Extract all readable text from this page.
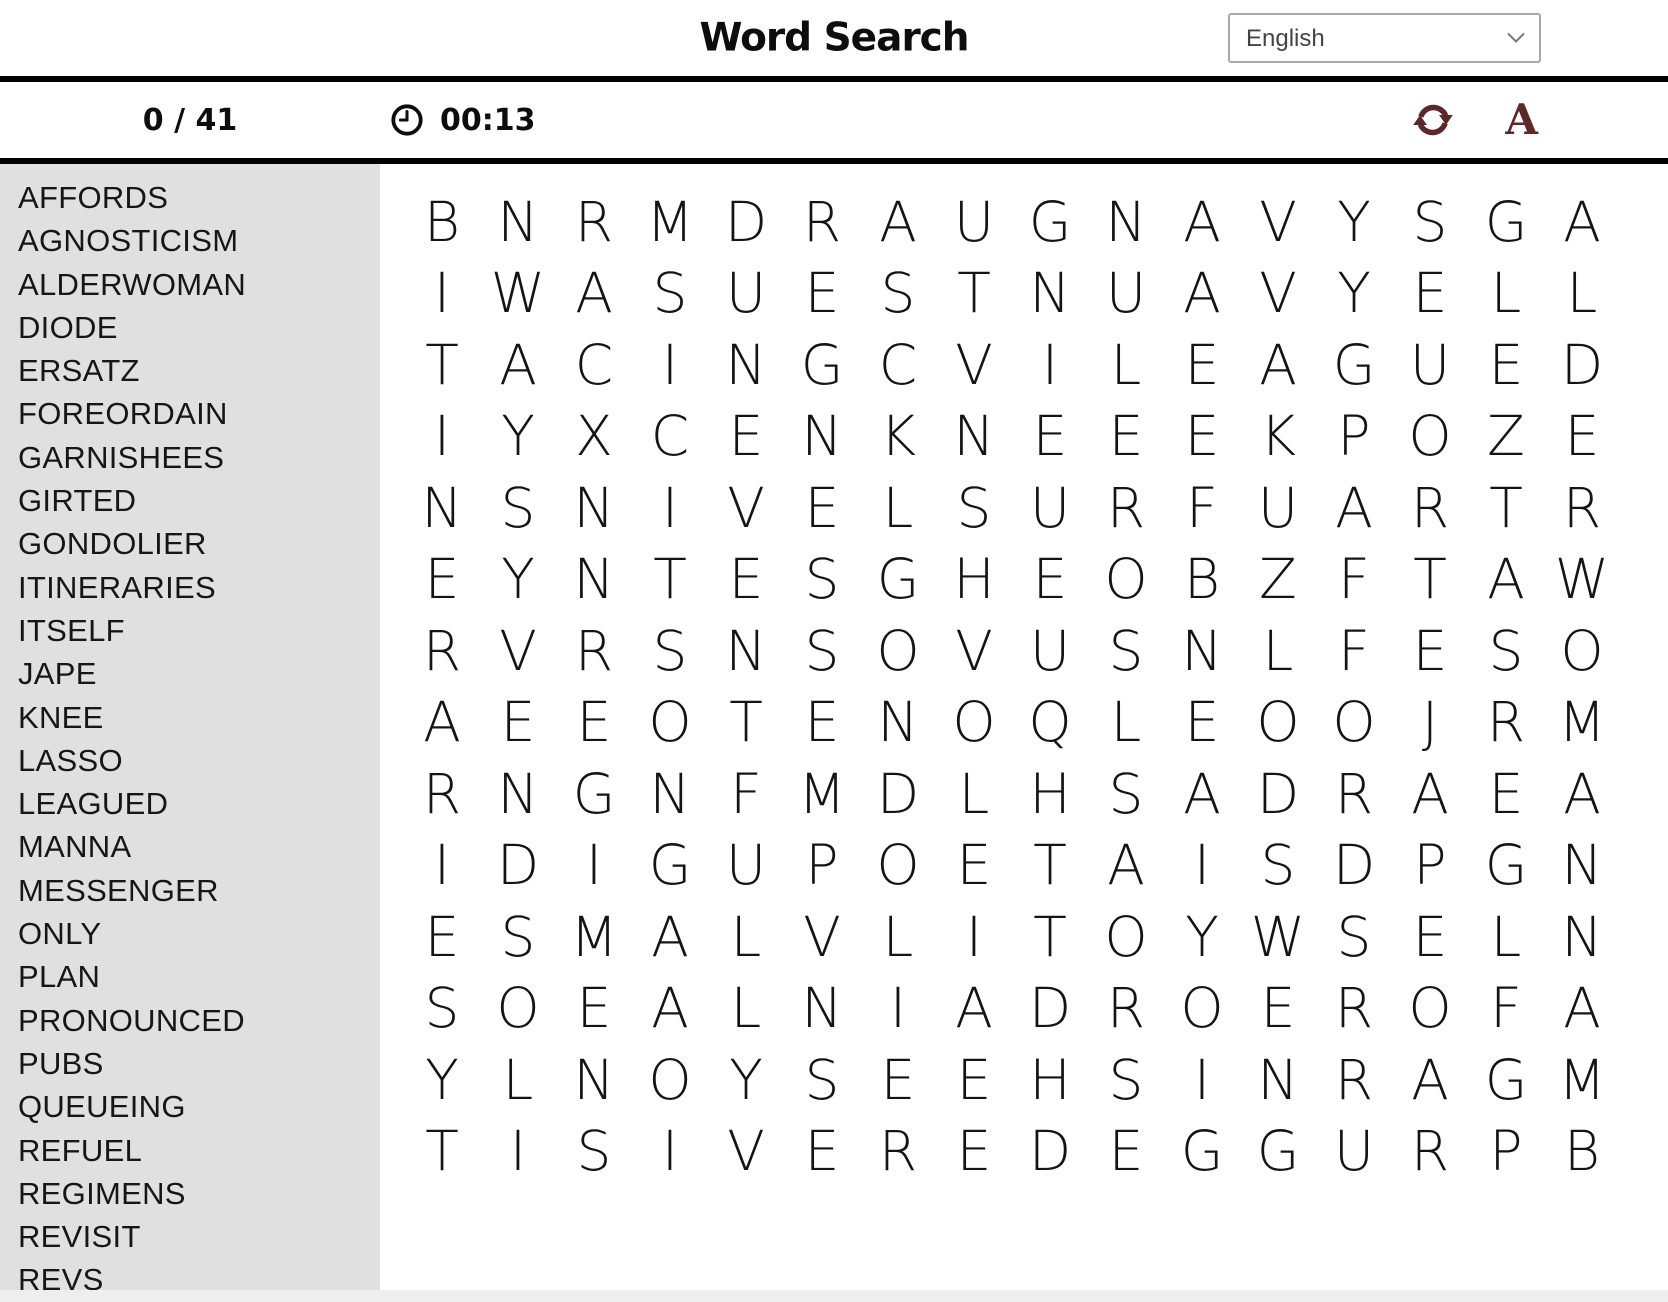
Word Search
English
0 / 41	00:13	A
AFFORDS
AGNOSTICISM
ALDERWOMAN
DIODE
ERSATZ
FOREORDAIN
GARNISHEES
GIRTED
GONDOLIER
ITINERARIES
ITSELF
JAPE
KNEE
LASSO
LEAGUED
MANNA
MESSENGER
ONLY
PLAN
PRONOUNCED
PUBS
QUEUEING
REFUEL
REGIMENS
REVISIT
REVS
B N R M D R A U G N A V Y S G A
I W A S U E S T N U A V Y E L L
T A C I N G C V I L E A G U E D
I Y X C E N K N E E E K P O Z E
N S N I V E L S U R F U A R T R
E Y N T E S G H E O B Z F T A W
R V R S N S O V U S N L F E S O
A E E O T E N O Q L E O O J R M
R N G N F M D L H S A D R A E A
I D I G U P O E T A I S D P G N
E S M A L V L I T O Y W S E L N
S O E A L N I A D R O E R O F A
Y L N O Y S E E H S I N R A G M
T I S I V E R E D E G G U R P B
